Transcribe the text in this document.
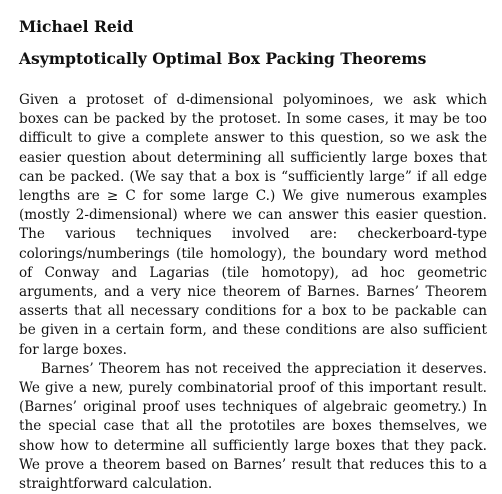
Michael Reid
Asymptotically Optimal Box Packing Theorems

Given a protoset of d-dimensional polyominoes, we ask which boxes can be packed by the protoset. In some cases, it may be too difficult to give a complete answer to this question, so we ask the easier question about determining all sufficiently large boxes that can be packed. (We say that a box is “sufficiently large” if all edge lengths are ≥ C for some large C.) We give numerous examples (mostly 2-dimensional) where we can answer this easier question. The various techniques involved are: checkerboard-type colorings/numberings (tile homology), the boundary word method of Conway and Lagarias (tile homotopy), ad hoc geometric arguments, and a very nice theorem of Barnes. Barnes’ Theorem asserts that all necessary conditions for a box to be packable can be given in a certain form, and these conditions are also sufficient for large boxes.

Barnes’ Theorem has not received the appreciation it deserves. We give a new, purely combinatorial proof of this important result. (Barnes’ original proof uses techniques of algebraic geometry.) In the special case that all the prototiles are boxes themselves, we show how to determine all sufficiently large boxes that they pack. We prove a theorem based on Barnes’ result that reduces this to a straightforward calculation.
